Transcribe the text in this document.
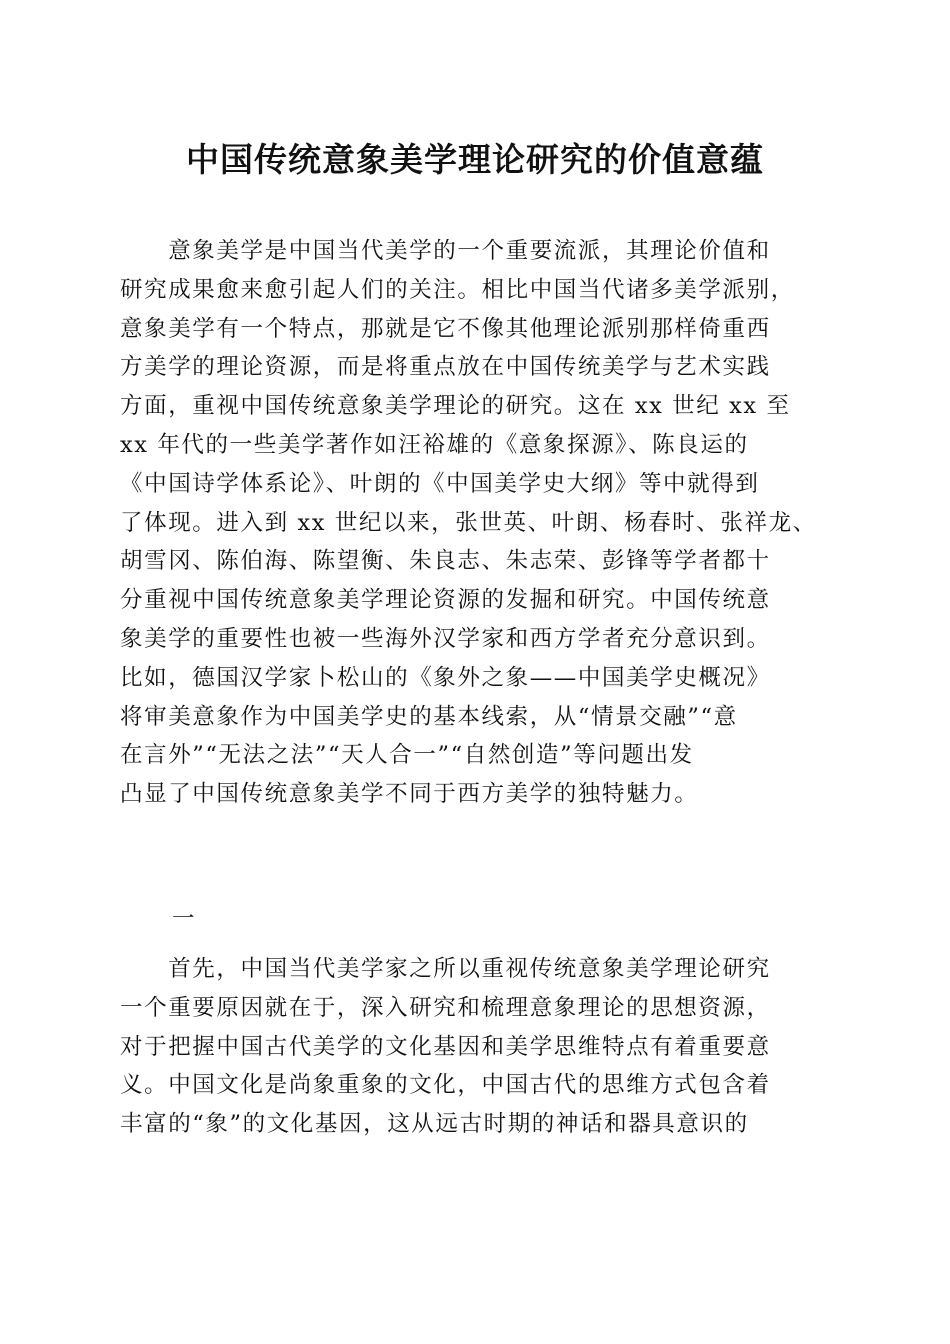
中国传统意象美学理论研究的价值意蕴
　　意象美学是中国当代美学的一个重要流派，其理论价值和
研究成果愈来愈引起人们的关注。相比中国当代诸多美学派别，
意象美学有一个特点，那就是它不像其他理论派别那样倚重西
方美学的理论资源，而是将重点放在中国传统美学与艺术实践
方面，重视中国传统意象美学理论的研究。这在 xx 世纪 xx 至
xx 年代的一些美学著作如汪裕雄的《意象探源》、陈良运的
《中国诗学体系论》、叶朗的《中国美学史大纲》等中就得到
了体现。进入到 xx 世纪以来，张世英、叶朗、杨春时、张祥龙、
胡雪冈、陈伯海、陈望衡、朱良志、朱志荣、彭锋等学者都十
分重视中国传统意象美学理论资源的发掘和研究。中国传统意
象美学的重要性也被一些海外汉学家和西方学者充分意识到。
比如，德国汉学家卜松山的《象外之象——中国美学史概况》
将审美意象作为中国美学史的基本线索，从“情景交融”“意
在言外”“无法之法”“天人合一”“自然创造”等问题出发
凸显了中国传统意象美学不同于西方美学的独特魅力。

一

　　首先，中国当代美学家之所以重视传统意象美学理论研究
一个重要原因就在于，深入研究和梳理意象理论的思想资源，
对于把握中国古代美学的文化基因和美学思维特点有着重要意
义。中国文化是尚象重象的文化，中国古代的思维方式包含着
丰富的“象”的文化基因，这从远古时期的神话和器具意识的
